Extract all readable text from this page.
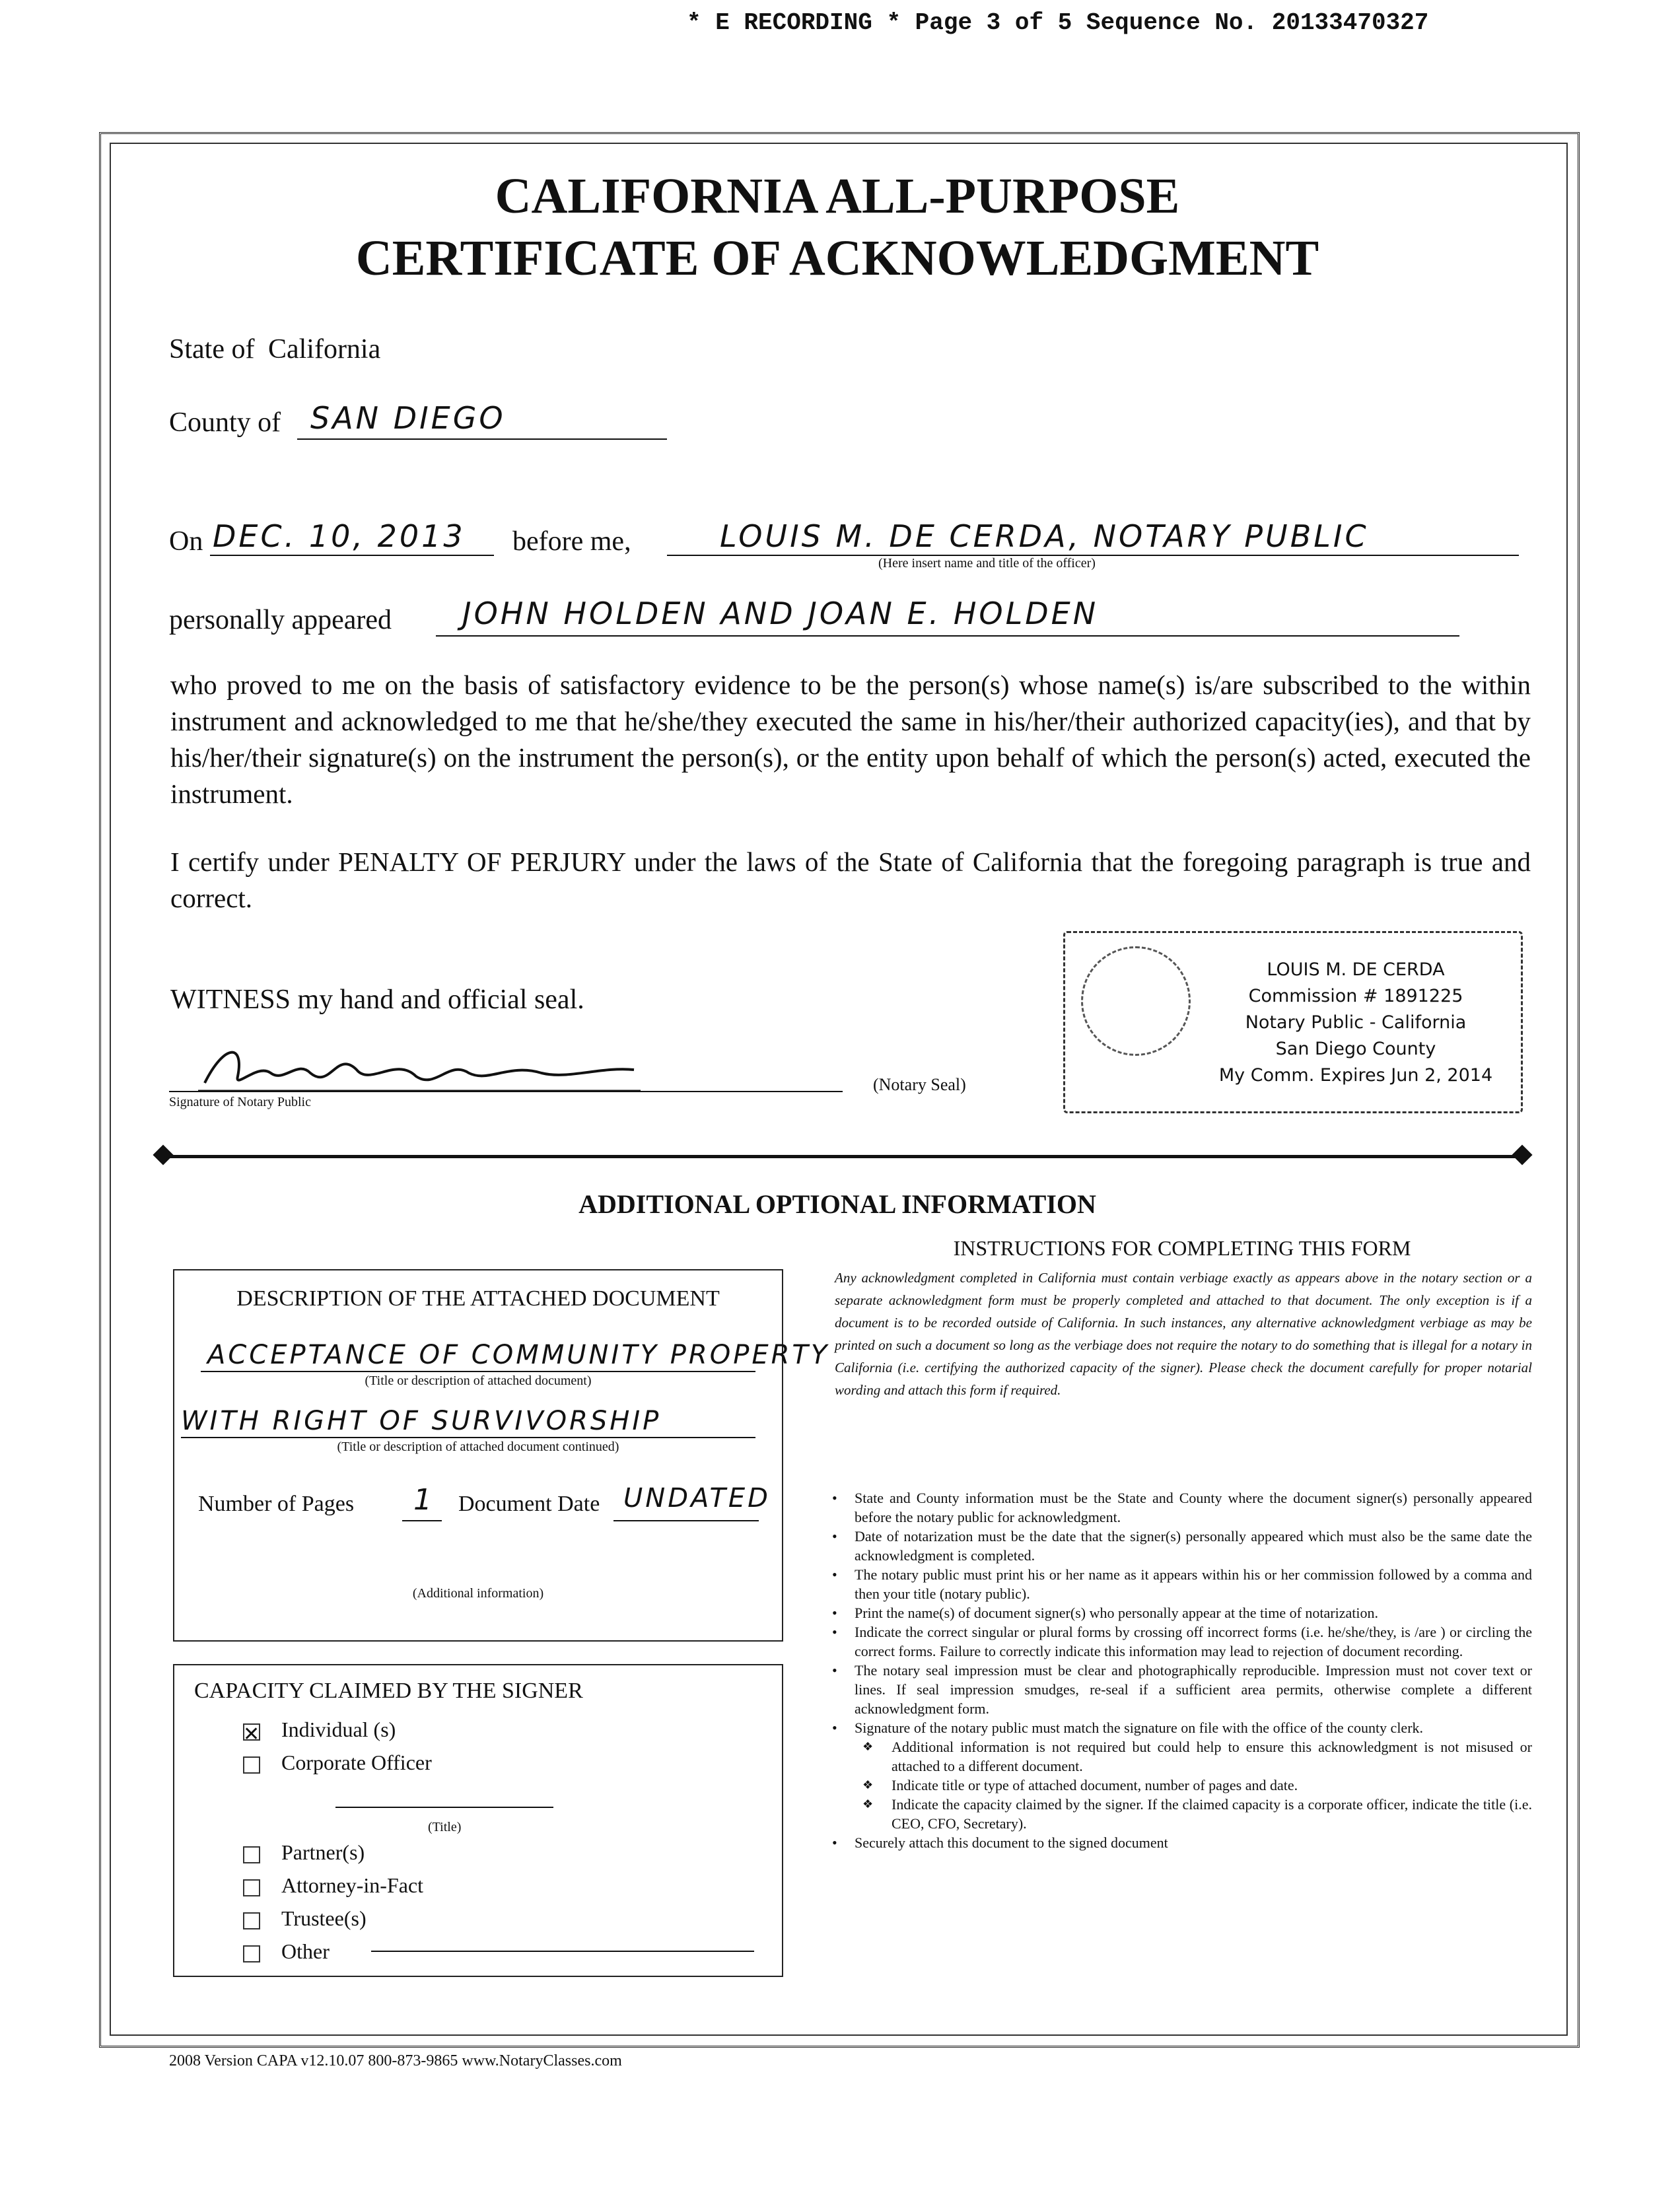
* E RECORDING * Page 3 of 5 Sequence No. 20133470327
CALIFORNIA ALL-PURPOSE
CERTIFICATE OF ACKNOWLEDGMENT
State of California
County of SAN DIEGO
On DEC. 10, 2013 before me,	LOUIS M. DE CERDA, NOTARY PUBLIC
(Here insert name and title of the officer)
personally appeared JOHN HOLDEN AND JOAN E. HOLDEN
who proved to me on the basis of satisfactory evidence to be the person(s) whose name(s) is/are subscribed to the within instrument and acknowledged to me that he/she/they executed the same in his/her/their authorized capacity(ies), and that by his/her/their signature(s) on the instrument the person(s), or the entity upon behalf of which the person(s) acted, executed the instrument.
I certify under PENALTY OF PERJURY under the laws of the State of California that the foregoing paragraph is true and correct.
WITNESS my hand and official seal.
Signature of Notary Public
(Notary Seal)
LOUIS M. DE CERDA
Commission # 1891225
Notary Public - California
San Diego County
My Comm. Expires Jun 2, 2014
ADDITIONAL OPTIONAL INFORMATION
DESCRIPTION OF THE ATTACHED DOCUMENT
ACCEPTANCE OF COMMUNITY PROPERTY
(Title or description of attached document)
WITH RIGHT OF SURVIVORSHIP
(Title or description of attached document continued)
Number of Pages 1 Document Date UNDATED
(Additional information)
CAPACITY CLAIMED BY THE SIGNER
✕Individual (s)
Corporate Officer
(Title)
Partner(s)
Attorney-in-Fact
Trustee(s)
Other
INSTRUCTIONS FOR COMPLETING THIS FORM
Any acknowledgment completed in California must contain verbiage exactly as appears above in the notary section or a separate acknowledgment form must be properly completed and attached to that document. The only exception is if a document is to be recorded outside of California. In such instances, any alternative acknowledgment verbiage as may be printed on such a document so long as the verbiage does not require the notary to do something that is illegal for a notary in California (i.e. certifying the authorized capacity of the signer). Please check the document carefully for proper notarial wording and attach this form if required.
• State and County information must be the State and County where the document signer(s) personally appeared before the notary public for acknowledgment.
• Date of notarization must be the date that the signer(s) personally appeared which must also be the same date the acknowledgment is completed.
• The notary public must print his or her name as it appears within his or her commission followed by a comma and then your title (notary public).
• Print the name(s) of document signer(s) who personally appear at the time of notarization.
• Indicate the correct singular or plural forms by crossing off incorrect forms (i.e. he/she/they, is /are ) or circling the correct forms. Failure to correctly indicate this information may lead to rejection of document recording.
• The notary seal impression must be clear and photographically reproducible. Impression must not cover text or lines. If seal impression smudges, re-seal if a sufficient area permits, otherwise complete a different acknowledgment form.
• Signature of the notary public must match the signature on file with the office of the county clerk.
❖ Additional information is not required but could help to ensure this acknowledgment is not misused or attached to a different document.
❖ Indicate title or type of attached document, number of pages and date.
❖ Indicate the capacity claimed by the signer. If the claimed capacity is a corporate officer, indicate the title (i.e. CEO, CFO, Secretary).
• Securely attach this document to the signed document
2008 Version CAPA v12.10.07 800-873-9865 www.NotaryClasses.com
